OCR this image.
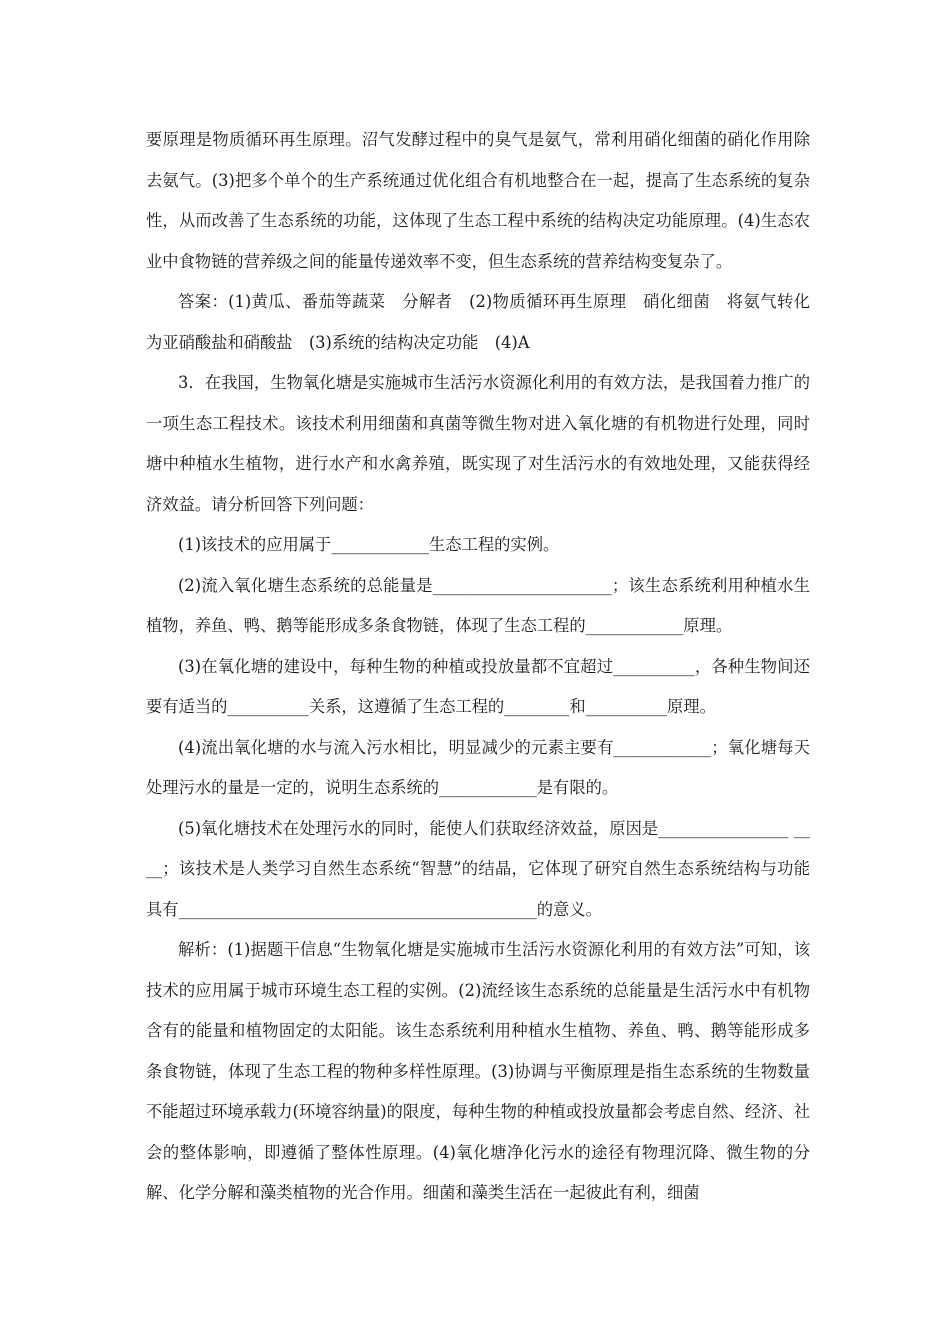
要原理是物质循环再生原理。沼气发酵过程中的臭气是氨气，常利用硝化细菌的硝化作用除去氨气。(3)把多个单个的生产系统通过优化组合有机地整合在一起，提高了生态系统的复杂性，从而改善了生态系统的功能，这体现了生态工程中系统的结构决定功能原理。(4)生态农业中食物链的营养级之间的能量传递效率不变，但生态系统的营养结构变复杂了。

答案：(1)黄瓜、番茄等蔬菜　分解者　(2)物质循环再生原理　硝化细菌　将氨气转化为亚硝酸盐和硝酸盐　(3)系统的结构决定功能　(4)A

3．在我国，生物氧化塘是实施城市生活污水资源化利用的有效方法，是我国着力推广的一项生态工程技术。该技术利用细菌和真菌等微生物对进入氧化塘的有机物进行处理，同时塘中种植水生植物，进行水产和水禽养殖，既实现了对生活污水的有效地处理，又能获得经济效益。请分析回答下列问题：

(1)该技术的应用属于____________生态工程的实例。

(2)流入氧化塘生态系统的总能量是______________________；该生态系统利用种植水生植物，养鱼、鸭、鹅等能形成多条食物链，体现了生态工程的____________原理。

(3)在氧化塘的建设中，每种生物的种植或投放量都不宜超过__________，各种生物间还要有适当的__________关系，这遵循了生态工程的________和__________原理。

(4)流出氧化塘的水与流入污水相比，明显减少的元素主要有____________；氧化塘每天处理污水的量是一定的，说明生态系统的____________是有限的。

(5)氧化塘技术在处理污水的同时，能使人们获取经济效益，原因是________________ ____；该技术是人类学习自然生态系统“智慧”的结晶，它体现了研究自然生态系统结构与功能具有____________________________________________的意义。

解析：(1)据题干信息“生物氧化塘是实施城市生活污水资源化利用的有效方法”可知，该技术的应用属于城市环境生态工程的实例。(2)流经该生态系统的总能量是生活污水中有机物含有的能量和植物固定的太阳能。该生态系统利用种植水生植物、养鱼、鸭、鹅等能形成多条食物链，体现了生态工程的物种多样性原理。(3)协调与平衡原理是指生态系统的生物数量不能超过环境承载力(环境容纳量)的限度，每种生物的种植或投放量都会考虑自然、经济、社会的整体影响，即遵循了整体性原理。(4)氧化塘净化污水的途径有物理沉降、微生物的分解、化学分解和藻类植物的光合作用。细菌和藻类生活在一起彼此有利，细菌
